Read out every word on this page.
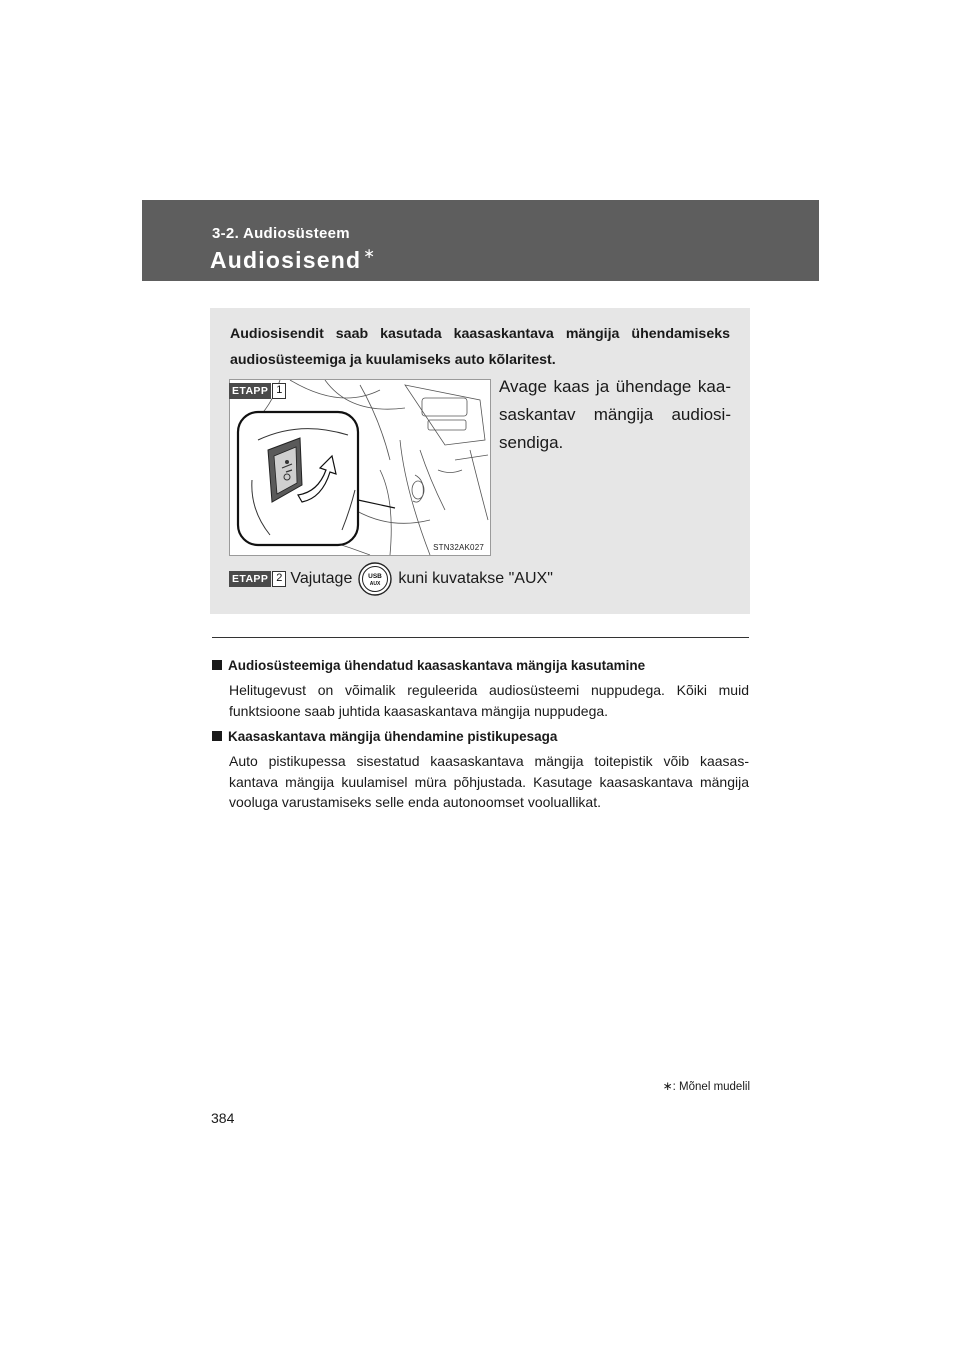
3-2. Audiosüsteem
Audiosisend ∗
Audiosisendit saab kasutada kaasaskantava mängija ühendamiseks audiosüsteemiga ja kuulamiseks auto kõlaritest.
STN32AK027
ETAPP 1	Avage kaas ja ühendage kaa-saskantav mängija audiosi-sendiga.
ETAPP 2 Vajutage USB
AUX kuni kuvatakse "AUX"
Audiosüsteemiga ühendatud kaasaskantava mängija kasutamine
Helitugevust on võimalik reguleerida audiosüsteemi nuppudega. Kõiki muid funktsioone saab juhtida kaasaskantava mängija nuppudega.
Kaasaskantava mängija ühendamine pistikupesaga
Auto pistikupessa sisestatud kaasaskantava mängija toitepistik võib kaasas-kantava mängija kuulamisel müra põhjustada. Kasutage kaasaskantava mängija vooluga varustamiseks selle enda autonoomset vooluallikat.
∗: Mõnel mudelil
384
